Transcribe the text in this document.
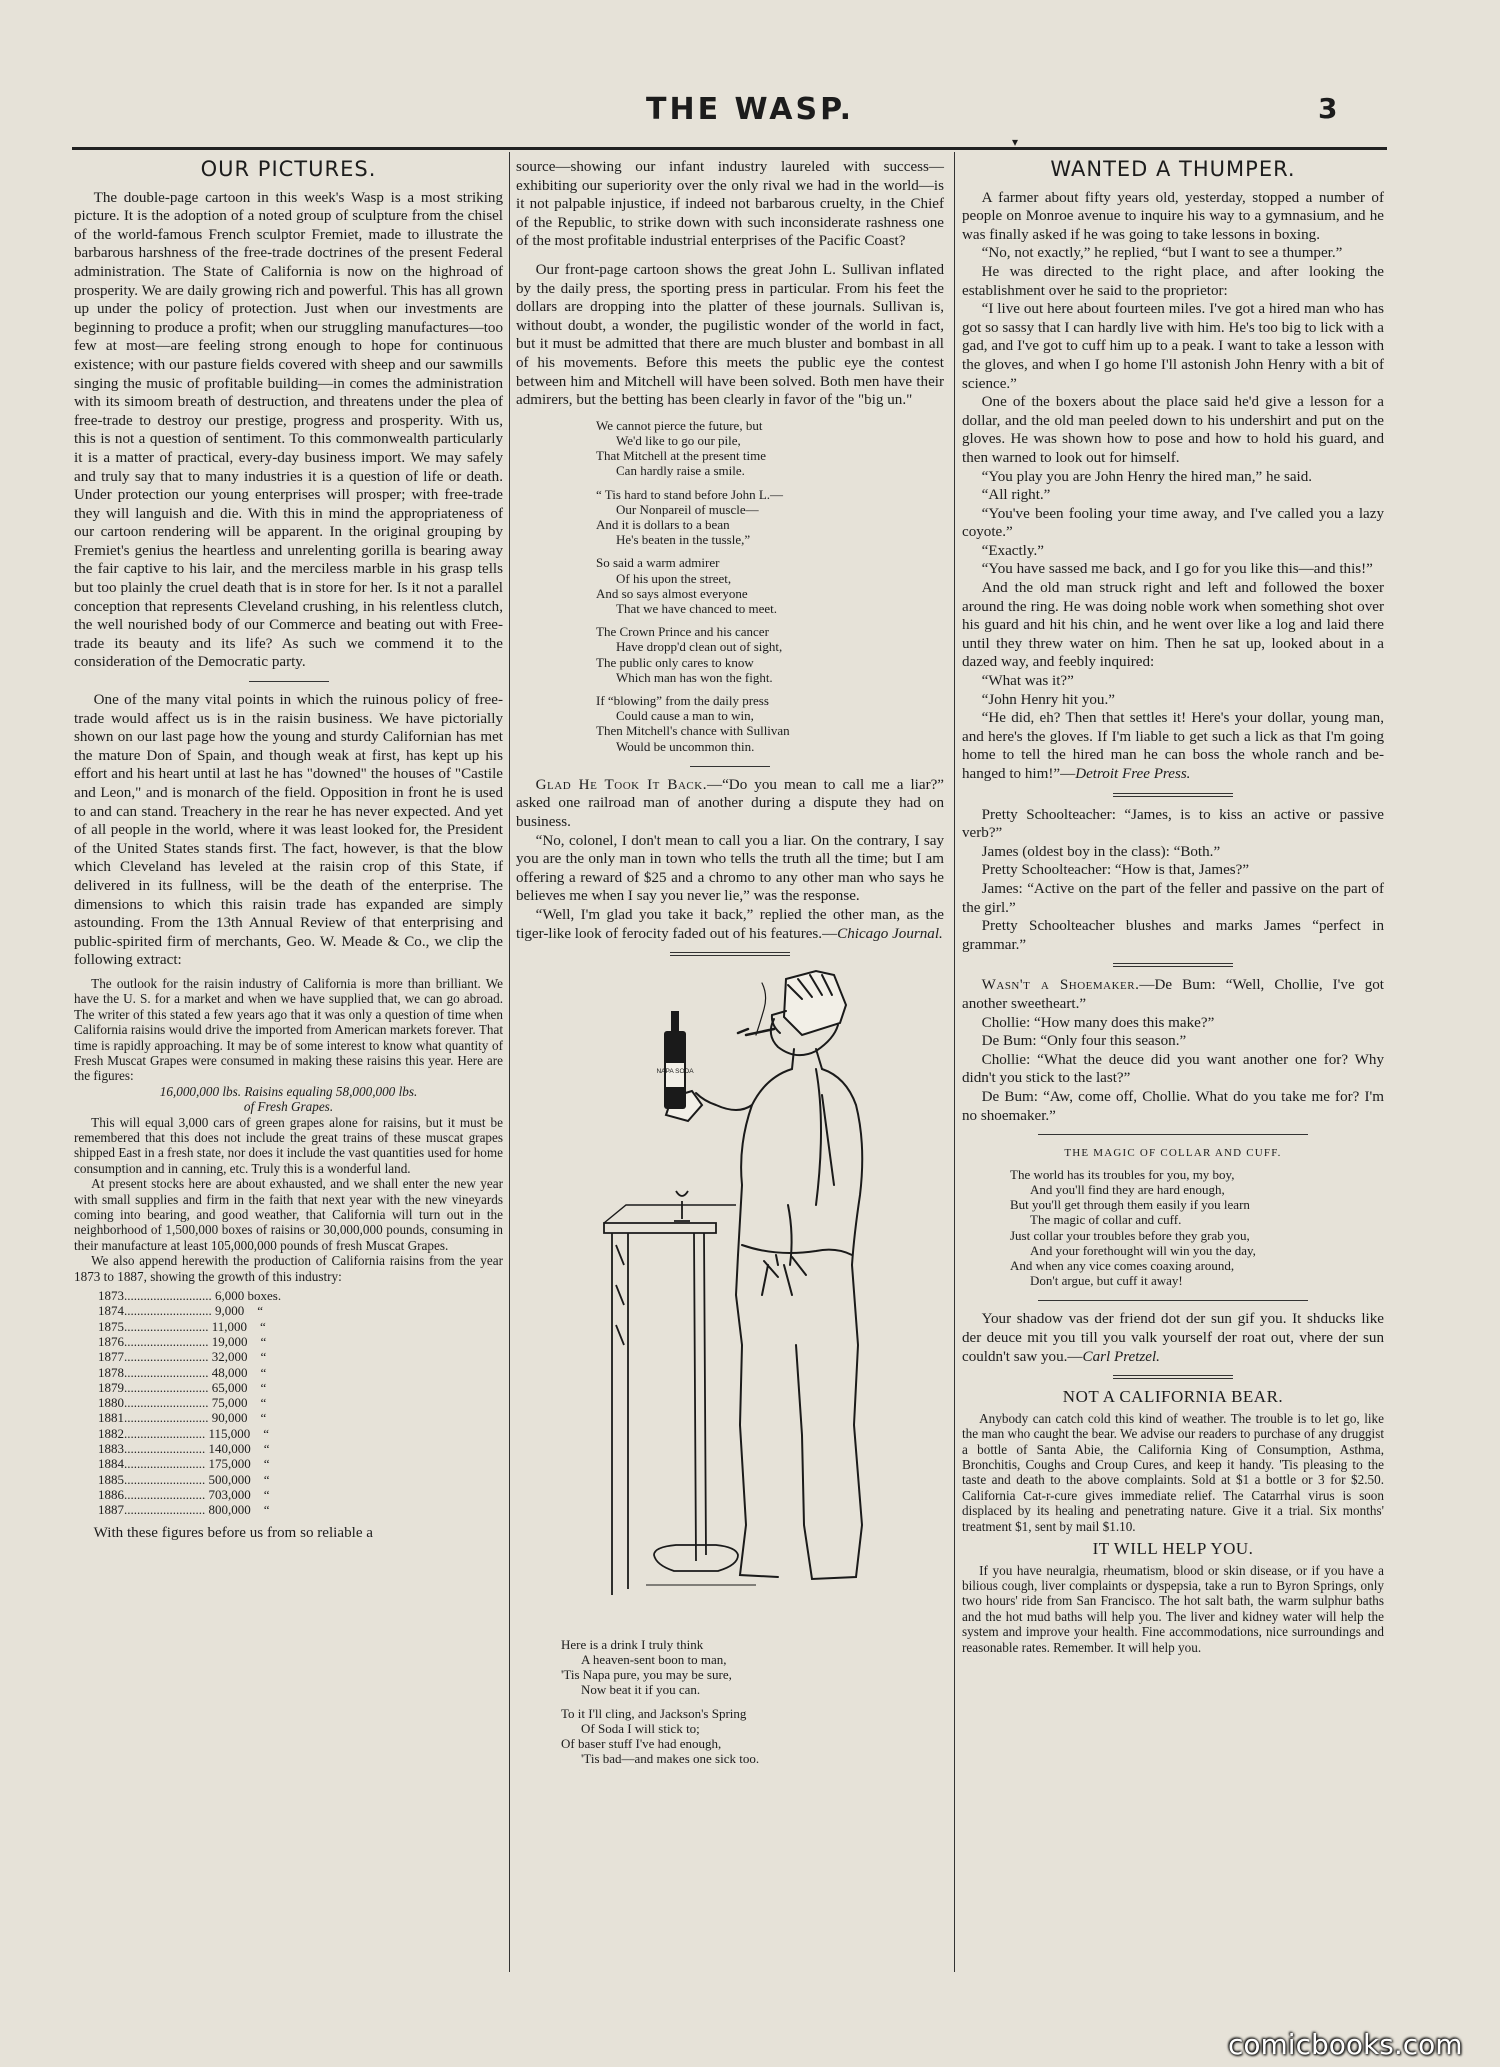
THE WASP.	3
▾
OUR PICTURES.

The double-page cartoon in this week's Wasp is a most striking picture. It is the adoption of a noted group of sculpture from the chisel of the world-famous French sculptor Fremiet, made to illustrate the barbarous harshness of the free-trade doctrines of the present Federal administration. The State of California is now on the highroad of prosperity. We are daily growing rich and powerful. This has all grown up under the policy of protection. Just when our investments are beginning to produce a profit; when our struggling manufactures—too few at most—are feeling strong enough to hope for continuous existence; with our pasture fields covered with sheep and our sawmills singing the music of profitable building—in comes the administration with its simoom breath of destruction, and threatens under the plea of free-trade to destroy our prestige, progress and prosperity. With us, this is not a question of sentiment. To this commonwealth particularly it is a matter of practical, every-day business import. We may safely and truly say that to many industries it is a question of life or death. Under protection our young enterprises will prosper; with free-trade they will languish and die. With this in mind the appropriateness of our cartoon rendering will be apparent. In the original grouping by Fremiet's genius the heartless and unrelenting gorilla is bearing away the fair captive to his lair, and the merciless marble in his grasp tells but too plainly the cruel death that is in store for her. Is it not a parallel conception that represents Cleveland crushing, in his relentless clutch, the well nourished body of our Commerce and beating out with Free-trade its beauty and its life? As such we commend it to the consideration of the Democratic party.

One of the many vital points in which the ruinous policy of free-trade would affect us is in the raisin business. We have pictorially shown on our last page how the young and sturdy Californian has met the mature Don of Spain, and though weak at first, has kept up his effort and his heart until at last he has "downed" the houses of "Castile and Leon," and is monarch of the field. Opposition in front he is used to and can stand. Treachery in the rear he has never expected. And yet of all people in the world, where it was least looked for, the President of the United States stands first. The fact, however, is that the blow which Cleveland has leveled at the raisin crop of this State, if delivered in its fullness, will be the death of the enterprise. The dimensions to which this raisin trade has expanded are simply astounding. From the 13th Annual Review of that enterprising and public-spirited firm of merchants, Geo. W. Meade & Co., we clip the following extract:

The outlook for the raisin industry of California is more than brilliant. We have the U. S. for a market and when we have supplied that, we can go abroad. The writer of this stated a few years ago that it was only a question of time when California raisins would drive the imported from American markets forever. That time is rapidly approaching. It may be of some interest to know what quantity of Fresh Muscat Grapes were consumed in making these raisins this year. Here are the figures:

16,000,000 lbs. Raisins equaling 58,000,000 lbs.
of Fresh Grapes.

This will equal 3,000 cars of green grapes alone for raisins, but it must be remembered that this does not include the great trains of these muscat grapes shipped East in a fresh state, nor does it include the vast quantities used for home consumption and in canning, etc. Truly this is a wonderful land.

At present stocks here are about exhausted, and we shall enter the new year with small supplies and firm in the faith that next year with the new vineyards coming into bearing, and good weather, that California will turn out in the neighborhood of 1,500,000 boxes of raisins or 30,000,000 pounds, consuming in their manufacture at least 105,000,000 pounds of fresh Muscat Grapes.

We also append herewith the production of California raisins from the year 1873 to 1887, showing the growth of this industry:

1873........................... 6,000 boxes.
1874........................... 9,000    “
1875.......................... 11,000    “
1876.......................... 19,000    “
1877.......................... 32,000    “
1878.......................... 48,000    “
1879.......................... 65,000    “
1880.......................... 75,000    “
1881.......................... 90,000    “
1882......................... 115,000    “
1883......................... 140,000    “
1884......................... 175,000    “
1885......................... 500,000    “
1886......................... 703,000    “
1887......................... 800,000    “

With these figures before us from so reliable a

source—showing our infant industry laureled with success—exhibiting our superiority over the only rival we had in the world—is it not palpable injustice, if indeed not barbarous cruelty, in the Chief of the Republic, to strike down with such inconsiderate rashness one of the most profitable industrial enterprises of the Pacific Coast?

Our front-page cartoon shows the great John L. Sullivan inflated by the daily press, the sporting press in particular. From his feet the dollars are dropping into the platter of these journals. Sullivan is, without doubt, a wonder, the pugilistic wonder of the world in fact, but it must be admitted that there are much bluster and bombast in all of his movements. Before this meets the public eye the contest between him and Mitchell will have been solved. Both men have their admirers, but the betting has been clearly in favor of the "big un."

We cannot pierce the future, but
We'd like to go our pile,
That Mitchell at the present time
Can hardly raise a smile.
“ Tis hard to stand before John L.—
Our Nonpareil of muscle—
And it is dollars to a bean
He's beaten in the tussle,”
So said a warm admirer
Of his upon the street,
And so says almost everyone
That we have chanced to meet.
The Crown Prince and his cancer
Have dropp'd clean out of sight,
The public only cares to know
Which man has won the fight.
If “blowing” from the daily press
Could cause a man to win,
Then Mitchell's chance with Sullivan
Would be uncommon thin.

Glad He Took It Back.—“Do you mean to call me a liar?” asked one railroad man of another during a dispute they had on business.

“No, colonel, I don't mean to call you a liar. On the contrary, I say you are the only man in town who tells the truth all the time; but I am offering a reward of $25 and a chromo to any other man who says he believes me when I say you never lie,” was the response.

“Well, I'm glad you take it back,” replied the other man, as the tiger-like look of ferocity faded out of his features.—Chicago Journal.

NAPA SODA
Here is a drink I truly think
A heaven-sent boon to man,
'Tis Napa pure, you may be sure,
Now beat it if you can.
To it I'll cling, and Jackson's Spring
Of Soda I will stick to;
Of baser stuff I've had enough,
'Tis bad—and makes one sick too.
WANTED A THUMPER.

A farmer about fifty years old, yesterday, stopped a number of people on Monroe avenue to inquire his way to a gymnasium, and he was finally asked if he was going to take lessons in boxing.

“No, not exactly,” he replied, “but I want to see a thumper.”

He was directed to the right place, and after looking the establishment over he said to the proprietor:

“I live out here about fourteen miles. I've got a hired man who has got so sassy that I can hardly live with him. He's too big to lick with a gad, and I've got to cuff him up to a peak. I want to take a lesson with the gloves, and when I go home I'll astonish John Henry with a bit of science.”

One of the boxers about the place said he'd give a lesson for a dollar, and the old man peeled down to his undershirt and put on the gloves. He was shown how to pose and how to hold his guard, and then warned to look out for himself.

“You play you are John Henry the hired man,” he said.

“All right.”

“You've been fooling your time away, and I've called you a lazy coyote.”

“Exactly.”

“You have sassed me back, and I go for you like this—and this!”

And the old man struck right and left and followed the boxer around the ring. He was doing noble work when something shot over his guard and hit his chin, and he went over like a log and laid there until they threw water on him. Then he sat up, looked about in a dazed way, and feebly inquired:

“What was it?”

“John Henry hit you.”

“He did, eh? Then that settles it! Here's your dollar, young man, and here's the gloves. If I'm liable to get such a lick as that I'm going home to tell the hired man he can boss the whole ranch and be-hanged to him!”—Detroit Free Press.

Pretty Schoolteacher: “James, is to kiss an active or passive verb?”

James (oldest boy in the class): “Both.”

Pretty Schoolteacher: “How is that, James?”

James: “Active on the part of the feller and passive on the part of the girl.”

Pretty Schoolteacher blushes and marks James “perfect in grammar.”

Wasn't a Shoemaker.—De Bum: “Well, Chollie, I've got another sweetheart.”

Chollie: “How many does this make?”

De Bum: “Only four this season.”

Chollie: “What the deuce did you want another one for? Why didn't you stick to the last?”

De Bum: “Aw, come off, Chollie. What do you take me for? I'm no shoemaker.”

THE MAGIC OF COLLAR AND CUFF.
The world has its troubles for you, my boy,
And you'll find they are hard enough,
But you'll get through them easily if you learn
The magic of collar and cuff.
Just collar your troubles before they grab you,
And your forethought will win you the day,
And when any vice comes coaxing around,
Don't argue, but cuff it away!

Your shadow vas der friend dot der sun gif you. It shducks like der deuce mit you till you valk yourself der roat out, vhere der sun couldn't saw you.—Carl Pretzel.

NOT A CALIFORNIA BEAR.

Anybody can catch cold this kind of weather. The trouble is to let go, like the man who caught the bear. We advise our readers to purchase of any druggist a bottle of Santa Abie, the California King of Consumption, Asthma, Bronchitis, Coughs and Croup Cures, and keep it handy. 'Tis pleasing to the taste and death to the above complaints. Sold at $1 a bottle or 3 for $2.50. California Cat-r-cure gives immediate relief. The Catarrhal virus is soon displaced by its healing and penetrating nature. Give it a trial. Six months' treatment $1, sent by mail $1.10.

IT WILL HELP YOU.

If you have neuralgia, rheumatism, blood or skin disease, or if you have a bilious cough, liver complaints or dyspepsia, take a run to Byron Springs, only two hours' ride from San Francisco. The hot salt bath, the warm sulphur baths and the hot mud baths will help you. The liver and kidney water will help the system and improve your health. Fine accommodations, nice surroundings and reasonable rates. Remember. It will help you.

comicbooks.com
